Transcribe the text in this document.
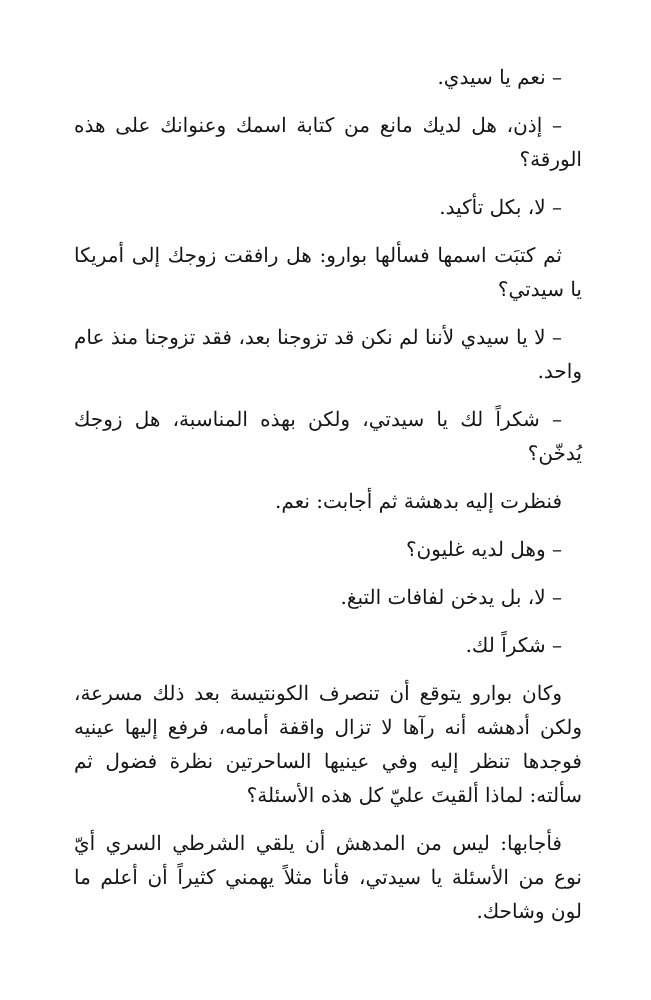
– نعم يا سيدي.

– إذن، هل لديك مانع من كتابة اسمك وعنوانك على هذه الورقة؟

– لا، بكل تأكيد.

ثم كتبَت اسمها فسألها بوارو: هل رافقت زوجك إلى أمريكا يا سيدتي؟

– لا يا سيدي لأننا لم نكن قد تزوجنا بعد، فقد تزوجنا منذ عام واحد.

– شكراً لك يا سيدتي، ولكن بهذه المناسبة، هل زوجك يُدخّن؟

فنظرت إليه بدهشة ثم أجابت: نعم.

– وهل لديه غليون؟

– لا، بل يدخن لفافات التبغ.

– شكراً لك.

وكان بوارو يتوقع أن تنصرف الكونتيسة بعد ذلك مسرعة، ولكن أدهشه أنه رآها لا تزال واقفة أمامه، فرفع إليها عينيه فوجدها تنظر إليه وفي عينيها الساحرتين نظرة فضول ثم سألته: لماذا ألقيتَ عليّ كل هذه الأسئلة؟

فأجابها: ليس من المدهش أن يلقي الشرطي السري أيّ نوع من الأسئلة يا سيدتي، فأنا مثلاً يهمني كثيراً أن أعلم ما لون وشاحك.
